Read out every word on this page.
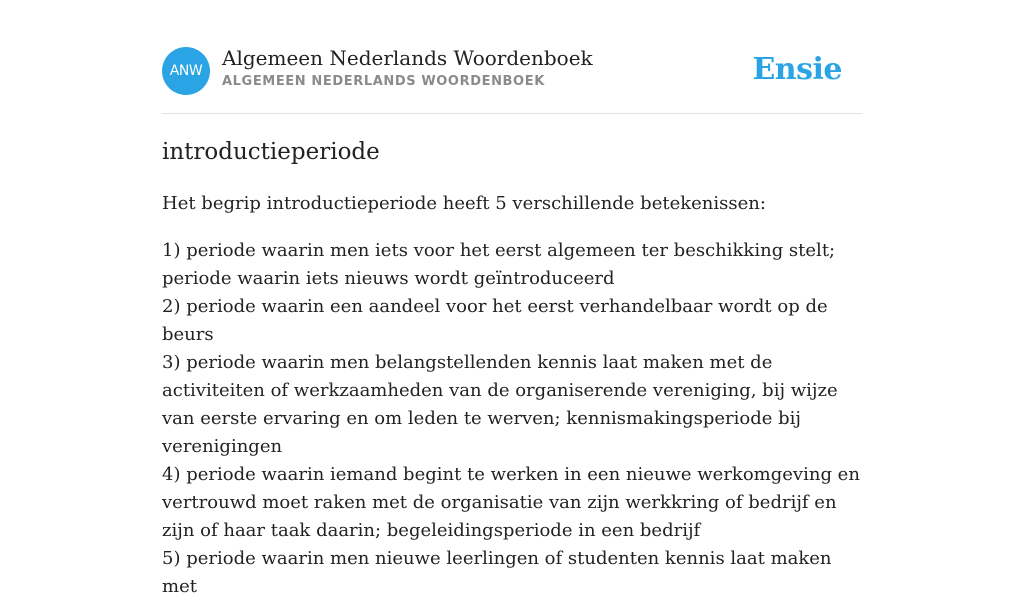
ANW
Algemeen Nederlands Woordenboek
ALGEMEEN NEDERLANDS WOORDENBOEK	Ensie
introductieperiode

Het begrip introductieperiode heeft 5 verschillende betekenissen:

1) periode waarin men iets voor het eerst algemeen ter beschikking stelt; periode waarin iets nieuws wordt geïntroduceerd
2) periode waarin een aandeel voor het eerst verhandelbaar wordt op de beurs
3) periode waarin men belangstellenden kennis laat maken met de activiteiten of werkzaamheden van de organiserende vereniging, bij wijze van eerste ervaring en om leden te werven; kennismakingsperiode bij verenigingen
4) periode waarin iemand begint te werken in een nieuwe werkomgeving en vertrouwd moet raken met de organisatie van zijn werkkring of bedrijf en zijn of haar taak daarin; begeleidingsperiode in een bedrijf
5) periode waarin men nieuwe leerlingen of studenten kennis laat maken met
